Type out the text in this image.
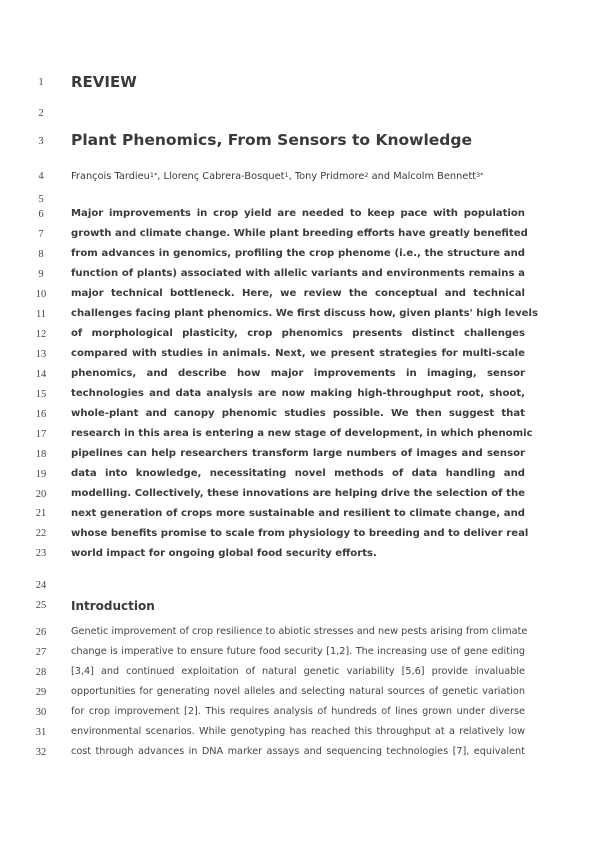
1
2
3
4
5
6
7
8
9
10
11
12
13
14
15
16
17
18
19
20
21
22
23
24
25
26
27
28
29
30
31
32
REVIEW
Plant Phenomics, From Sensors to Knowledge
François Tardieu$^{1*}$, Llorenç Cabrera-Bosquet$^1$, Tony Pridmore$^2$ and Malcolm Bennett$^{3*}$
Major improvements in crop yield are needed to keep pace with population
growth and climate change. While plant breeding efforts have greatly benefited
from advances in genomics, profiling the crop phenome (i.e., the structure and
function of plants) associated with allelic variants and environments remains a
major technical bottleneck. Here, we review the conceptual and technical
challenges facing plant phenomics. We first discuss how, given plants' high levels
of morphological plasticity, crop phenomics presents distinct challenges
compared with studies in animals. Next, we present strategies for multi-scale
phenomics, and describe how major improvements in imaging, sensor
technologies and data analysis are now making high-throughput root, shoot,
whole-plant and canopy phenomic studies possible. We then suggest that
research in this area is entering a new stage of development, in which phenomic
pipelines can help researchers transform large numbers of images and sensor
data into knowledge, necessitating novel methods of data handling and
modelling. Collectively, these innovations are helping drive the selection of the
next generation of crops more sustainable and resilient to climate change, and
whose benefits promise to scale from physiology to breeding and to deliver real
world impact for ongoing global food security efforts.
Introduction
Genetic improvement of crop resilience to abiotic stresses and new pests arising from climate
change is imperative to ensure future food security [1,2]. The increasing use of gene editing
[3,4] and continued exploitation of natural genetic variability [5,6] provide invaluable
opportunities for generating novel alleles and selecting natural sources of genetic variation
for crop improvement [2]. This requires analysis of hundreds of lines grown under diverse
environmental scenarios. While genotyping has reached this throughput at a relatively low
cost through advances in DNA marker assays and sequencing technologies [7], equivalent
